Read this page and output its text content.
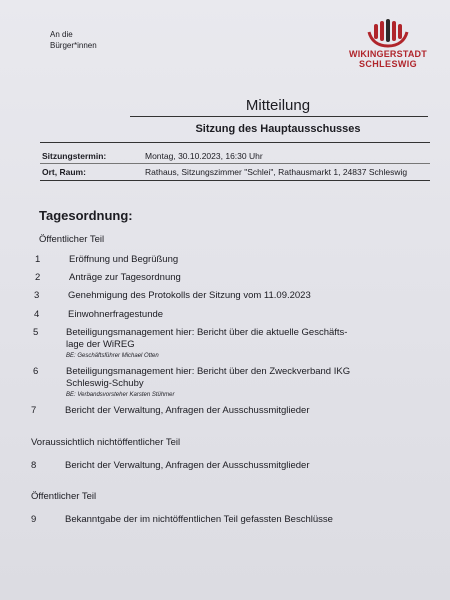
An die
Bürger*innen
WIKINGERSTADT
SCHLESWIG
Mitteilung
Sitzung des Hauptausschusses
Sitzungstermin:	Montag, 30.10.2023, 16:30 Uhr
Ort, Raum:	Rathaus, Sitzungszimmer "Schlei", Rathausmarkt 1, 24837 Schleswig
Tagesordnung:
Öffentlicher Teil
1	Eröffnung und Begrüßung
2	Anträge zur Tagesordnung
3	Genehmigung des Protokolls der Sitzung vom 11.09.2023
4	Einwohnerfragestunde
5	Beteiligungsmanagement hier: Bericht über die aktuelle Geschäfts-
lage der WiREG
BE: Geschäftsführer Michael Otten
6	Beteiligungsmanagement hier: Bericht über den Zweckverband IKG
Schleswig-Schuby
BE: Verbandsvorsteher Karsten Stühmer
7	Bericht der Verwaltung, Anfragen der Ausschussmitglieder
Voraussichtlich nichtöffentlicher Teil
8	Bericht der Verwaltung, Anfragen der Ausschussmitglieder
Öffentlicher Teil
9	Bekanntgabe der im nichtöffentlichen Teil gefassten Beschlüsse
